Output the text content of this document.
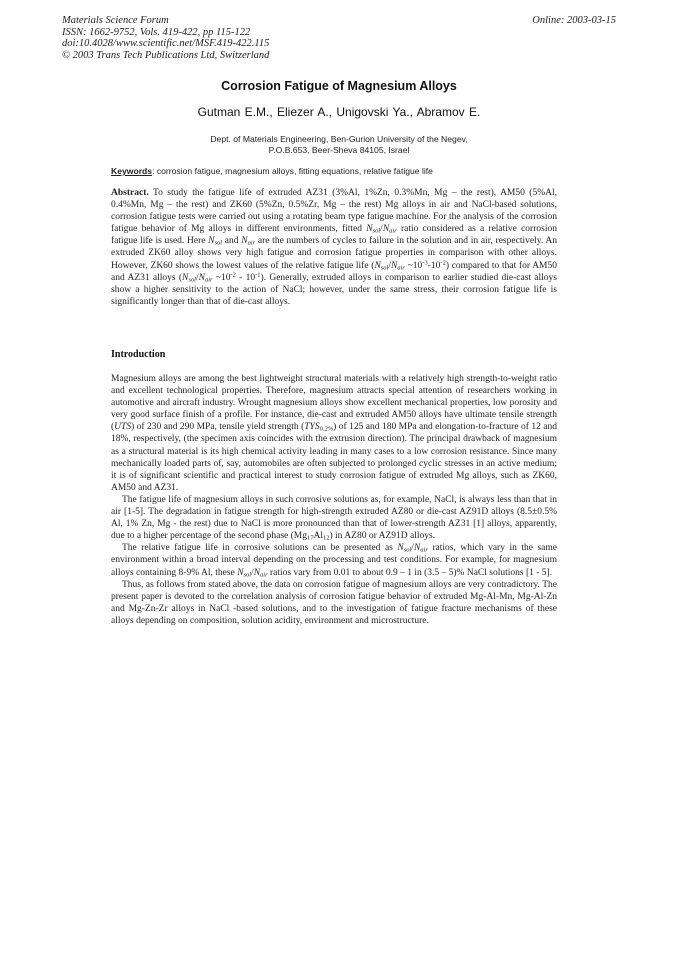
Materials Science Forum
ISSN: 1662-9752, Vols. 419-422, pp 115-122
doi:10.4028/www.scientific.net/MSF.419-422.115
© 2003 Trans Tech Publications Ltd, Switzerland
Online: 2003-03-15
Corrosion Fatigue of Magnesium Alloys
Gutman E.M., Eliezer A., Unigovski Ya., Abramov E.
Dept. of Materials Engineering, Ben-Gurion University of the Negev,
P.O.B.653, Beer-Sheva 84105, Israel
Keywords: corrosion fatigue, magnesium alloys, fitting equations, relative fatigue life

Abstract. To study the fatigue life of extruded AZ31 (3%Al, 1%Zn, 0.3%Mn, Mg – the rest), AM50 (5%Al, 0.4%Mn, Mg – the rest) and ZK60 (5%Zn, 0.5%Zr, Mg – the rest) Mg alloys in air and NaCl-based solutions, corrosion fatigue tests were carried out using a rotating beam type fatigue machine. For the analysis of the corrosion fatigue behavior of Mg alloys in different environments, fitted $N_{sol}/N_{air}$ ratio considered as a relative corrosion fatigue life is used. Here $N_{sol}$ and $N_{air}$ are the numbers of cycles to failure in the solution and in air, respectively. An extruded ZK60 alloy shows very high fatigue and corrosion fatigue properties in comparison with other alloys. However, ZK60 shows the lowest values of the relative fatigue life ($N_{sol}/N_{air}$ $\sim 10^{-3}-10^{-2}$) compared to that for AM50 and AZ31 alloys ($N_{sol}/N_{air}$ $\sim 10^{-2} - 10^{-1}$). Generally, extruded alloys in comparison to earlier studied die-cast alloys show a higher sensitivity to the action of NaCl; however, under the same stress, their corrosion fatigue life is significantly longer than that of die-cast alloys.

Introduction

Magnesium alloys are among the best lightweight structural materials with a relatively high strength-to-weight ratio and excellent technological properties. Therefore, magnesium attracts special attention of researchers working in automotive and aircraft industry. Wrought magnesium alloys show excellent mechanical properties, low porosity and very good surface finish of a profile. For instance, die-cast and extruded AM50 alloys have ultimate tensile strength (UTS) of 230 and 290 MPa, tensile yield strength $(TYS_{0.2\%})$ of 125 and 180 MPa and elongation-to-fracture of 12 and 18%, respectively, (the specimen axis coincides with the extrusion direction). The principal drawback of magnesium as a structural material is its high chemical activity leading in many cases to a low corrosion resistance. Since many mechanically loaded parts of, say, automobiles are often subjected to prolonged cyclic stresses in an active medium; it is of significant scientific and practical interest to study corrosion fatigue of extruded Mg alloys, such as ZK60, AM50 and AZ31.

The fatigue life of magnesium alloys in such corrosive solutions as, for example, NaCl, is always less than that in air [1-5]. The degradation in fatigue strength for high-strength extruded AZ80 or die-cast AZ91D alloys (8.5±0.5% Al, 1% Zn, Mg - the rest) due to NaCl is more pronounced than that of lower-strength AZ31 [1] alloys, apparently, due to a higher percentage of the second phase $(Mg_{17}Al_{12})$ in AZ80 or AZ91D alloys.

The relative fatigue life in corrosive solutions can be presented as $N_{sol}/N_{air}$ ratios, which vary in the same environment within a broad interval depending on the processing and test conditions. For example, for magnesium alloys containing 8-9% Al, these $N_{sol}/N_{air}$ ratios vary from 0.01 to about 0.9 – 1 in (3.5 – 5)% NaCl solutions [1 - 5].

Thus, as follows from stated above, the data on corrosion fatigue of magnesium alloys are very contradictory. The present paper is devoted to the correlation analysis of corrosion fatigue behavior of extruded Mg-Al-Mn, Mg-Al-Zn and Mg-Zn-Zr alloys in NaCl -based solutions, and to the investigation of fatigue fracture mechanisms of these alloys depending on composition, solution acidity, environment and microstructure.
